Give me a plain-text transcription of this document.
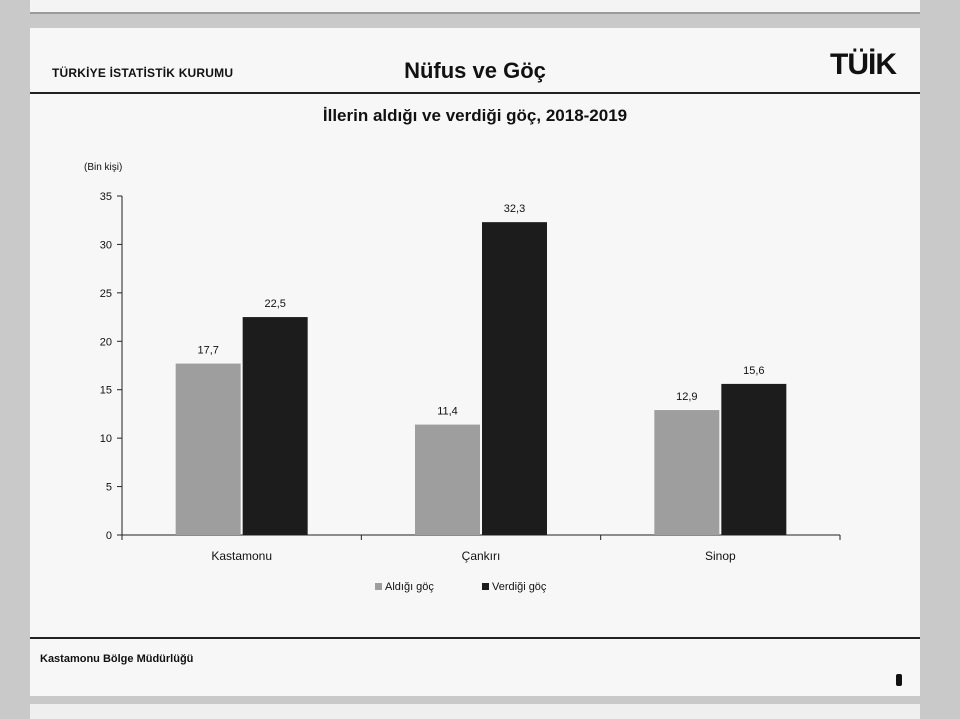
TÜRKİYE İSTATİSTİK KURUMU	Nüfus ve Göç	TÜİK
İllerin aldığı ve verdiği göç, 2018-2019
(Bin kişi)
0
5
10
15
20
25
30
35
Kastamonu
17,7
22,5
Çankırı
11,4
32,3
Sinop
12,9
15,6
Aldığı göç	Verdiği göç
Kastamonu Bölge Müdürlüğü
